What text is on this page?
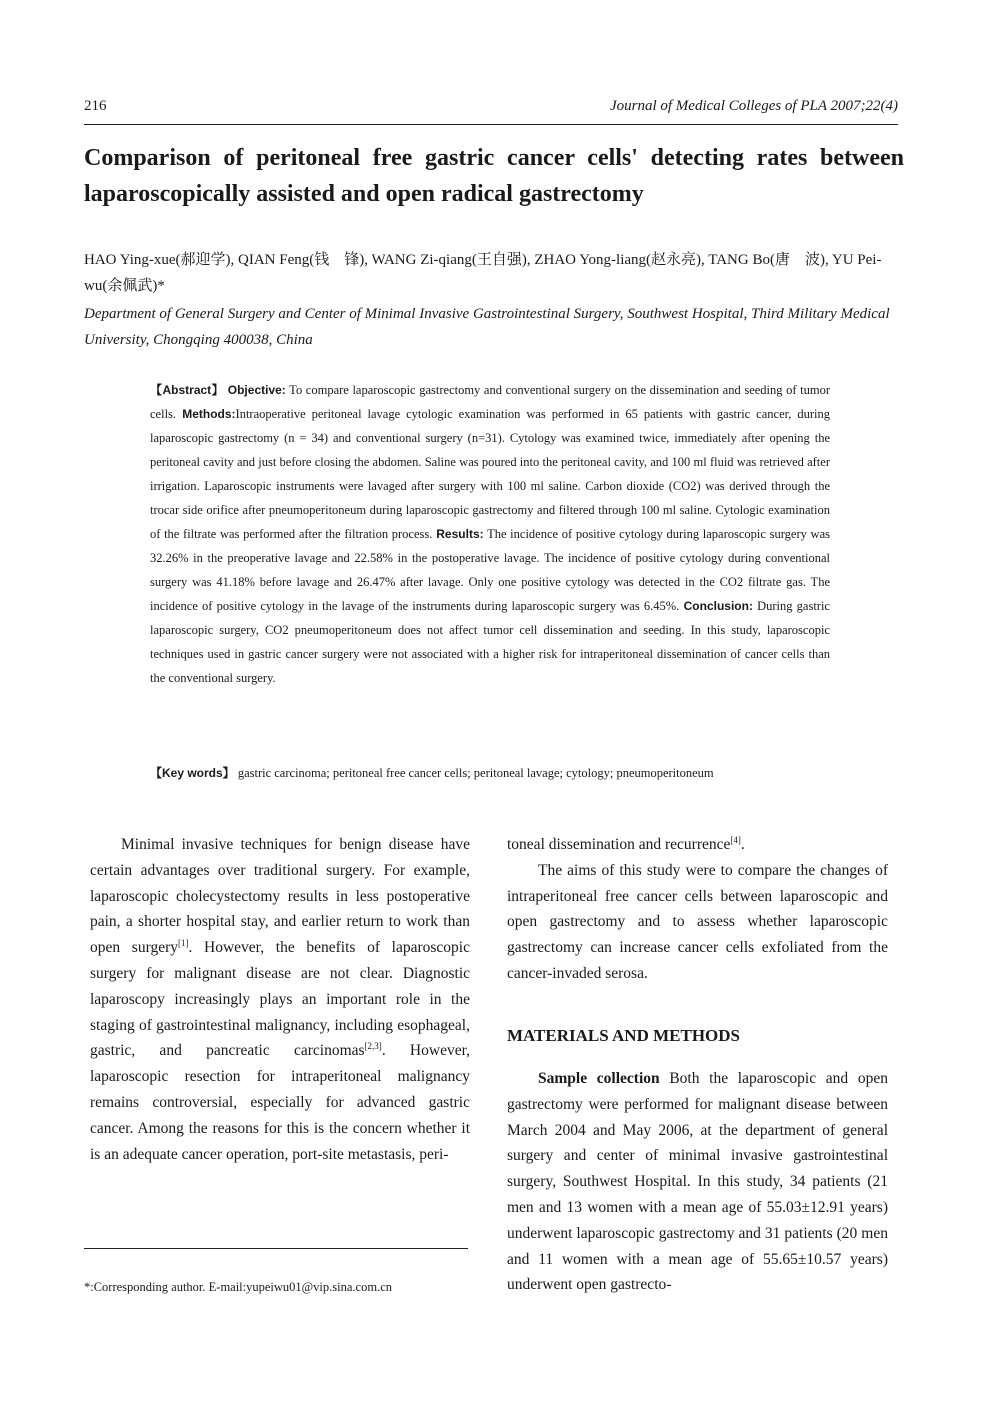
216	Journal of Medical Colleges of PLA 2007;22(4)
Comparison of peritoneal free gastric cancer cells' detecting rates between laparoscopically assisted and open radical gastrectomy
HAO Ying-xue(郝迎学), QIAN Feng(钱　锋), WANG Zi-qiang(王自强), ZHAO Yong-liang(赵永亮), TANG Bo(唐　波), YU Pei-wu(余佩武)*
Department of General Surgery and Center of Minimal Invasive Gastrointestinal Surgery, Southwest Hospital, Third Military Medical University, Chongqing 400038, China
【Abstract】 Objective: To compare laparoscopic gastrectomy and conventional surgery on the dissemination and seeding of tumor cells. Methods:Intraoperative peritoneal lavage cytologic examination was performed in 65 patients with gastric cancer, during laparoscopic gastrectomy (n = 34) and conventional surgery (n=31). Cytology was examined twice, immediately after opening the peritoneal cavity and just before closing the abdomen. Saline was poured into the peritoneal cavity, and 100 ml fluid was retrieved after irrigation. Laparoscopic instruments were lavaged after surgery with 100 ml saline. Carbon dioxide (CO2) was derived through the trocar side orifice after pneumoperitoneum during laparoscopic gastrectomy and filtered through 100 ml saline. Cytologic examination of the filtrate was performed after the filtration process. Results: The incidence of positive cytology during laparoscopic surgery was 32.26% in the preoperative lavage and 22.58% in the postoperative lavage. The incidence of positive cytology during conventional surgery was 41.18% before lavage and 26.47% after lavage. Only one positive cytology was detected in the CO2 filtrate gas. The incidence of positive cytology in the lavage of the instruments during laparoscopic surgery was 6.45%. Conclusion: During gastric laparoscopic surgery, CO2 pneumoperitoneum does not affect tumor cell dissemination and seeding. In this study, laparoscopic techniques used in gastric cancer surgery were not associated with a higher risk for intraperitoneal dissemination of cancer cells than the conventional surgery.
【Key words】 gastric carcinoma; peritoneal free cancer cells; peritoneal lavage; cytology; pneumoperitoneum
Minimal invasive techniques for benign disease have certain advantages over traditional surgery. For example, laparoscopic cholecystectomy results in less postoperative pain, a shorter hospital stay, and earlier return to work than open surgery[1]. However, the benefits of laparoscopic surgery for malignant disease are not clear. Diagnostic laparoscopy increasingly plays an important role in the staging of gastrointestinal malignancy, including esophageal, gastric, and pancreatic carcinomas[2,3]. However, laparoscopic resection for intraperitoneal malignancy remains controversial, especially for advanced gastric cancer. Among the reasons for this is the concern whether it is an adequate cancer operation, port-site metastasis, peri-
toneal dissemination and recurrence[4].
The aims of this study were to compare the changes of intraperitoneal free cancer cells between laparoscopic and open gastrectomy and to assess whether laparoscopic gastrectomy can increase cancer cells exfoliated from the cancer-invaded serosa.
MATERIALS AND METHODS
Sample collection Both the laparoscopic and open gastrectomy were performed for malignant disease between March 2004 and May 2006, at the department of general surgery and center of minimal invasive gastrointestinal surgery, Southwest Hospital. In this study, 34 patients (21 men and 13 women with a mean age of 55.03±12.91 years) underwent laparoscopic gastrectomy and 31 patients (20 men and 11 women with a mean age of 55.65±10.57 years) underwent open gastrecto-
*:Corresponding author. E-mail:yupeiwu01@vip.sina.com.cn
